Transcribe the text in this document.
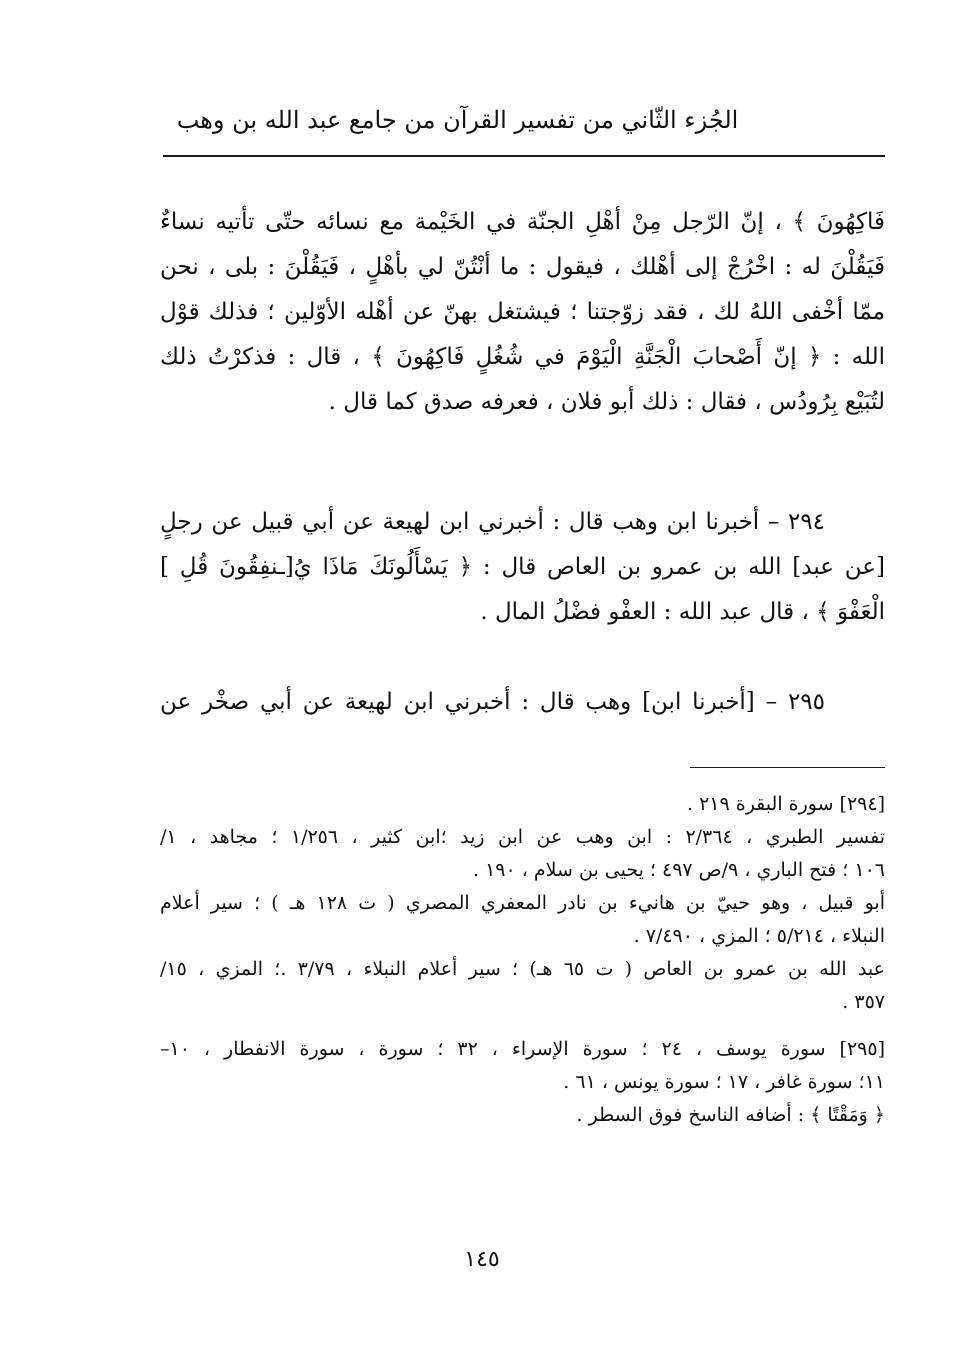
الجُزء الثّاني من تفسير القرآن من جامع عبد الله بن وهب
فَاكِهُونَ ﴾ ، إنّ الرّجل مِنْ أهْلِ الجنّة في الخَيْمة مع نسائه حتّى تأتيه نساءٌ
فَيَقُلْنَ له : اخْرُجْ إلى أهْلك ، فيقول : ما أنْتُنّ لي بأهْلٍ ، فَيَقُلْنَ : بلى ، نحن
ممّا أخْفى اللهُ لك ، فقد زوّجتنا ؛ فيشتغل بهنّ عن أهْله الأوّلين ؛ فذلك قوْل
الله : ﴿ إنّ أَصْحابَ الْجَنَّةِ الْيَوْمَ في شُغُلٍ فَاكِهُونَ ﴾ ، قال : فذكرْتُ ذلك
لتُبَيْع بِرُودُس ، فقال : ذلك أبو فلان ، فعرفه صدق كما قال .
٢٩٤ – أخبرنا ابن وهب قال : أخبرني ابن لهيعة عن أبي قبيل عن رجلٍ
[عن عبد] الله بن عمرو بن العاص قال : ﴿ يَسْأَلُونَكَ مَاذَا يُ[ـنفِقُونَ قُلِ ]
الْعَفْوَ ﴾ ، قال عبد الله : العفْو فضْلُ المال .
٢٩٥ – [أخبرنا ابن] وهب قال : أخبرني ابن لهيعة عن أبي صخْر عن
[٢٩٤] سورة البقرة ٢١٩ .
تفسير الطبري ، ٢/٣٦٤ : ابن وهب عن ابن زيد ؛ابن كثير ، ١/٢٥٦ ؛ مجاهد ، ١/
١٠٦ ؛ فتح الباري ، ٩/ص ٤٩٧ ؛ يحيى بن سلام ، ١٩٠ .
أبو قبيل ، وهو حييّ بن هانيء بن نادر المعفري المصري ( ت ١٢٨ هـ ) ؛ سير أعلام
النبلاء ، ٥/٢١٤ ؛ المزي ، ٧/٤٩٠ .
عبد الله بن عمرو بن العاص ( ت ٦٥ هـ) ؛ سير أعلام النبلاء ، ٣/٧٩ .؛ المزي ، ١٥/
٣٥٧ .
[٢٩٥] سورة يوسف ، ٢٤ ؛ سورة الإسراء ، ٣٢ ؛ سورة ، سورة الانفطار ، ١٠–
١١؛ سورة غافر ، ١٧ ؛ سورة يونس ، ٦١ .
﴿ وَمَقْتًا ﴾ : أضافه الناسخ فوق السطر .
١٤٥
